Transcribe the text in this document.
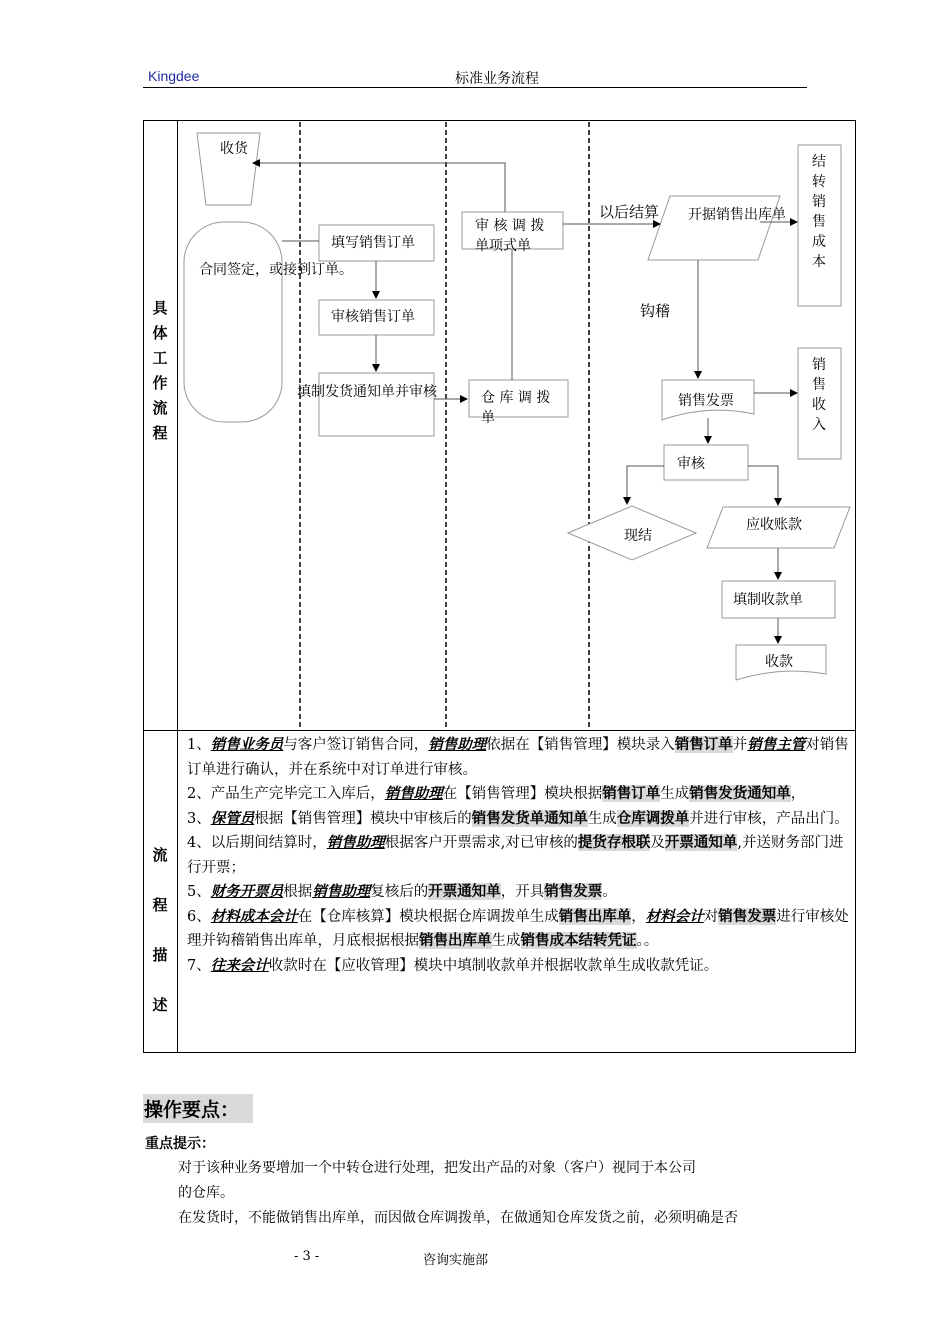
Kingdee	标准业务流程
具
体
工
作
流
程
流
程
描
述
收货
合同签定，或接到订单。
填写销售订单
审核销售订单
填制发货通知单并审核
审 核 调 拨 单项式单
仓 库 调 拨 单
以后结算 开据销售出库单
结转销售成本
钩稽
销售发票
销售收入
审核
现结
应收账款
填制收款单
收款

1、销售业务员与客户签订销售合同，销售助理依据在【销售管理】模块录入销售订单并销售主管对销售订单进行确认，并在系统中对订单进行审核。

2、产品生产完毕完工入库后，销售助理在【销售管理】模块根据销售订单生成销售发货通知单，

3、保管员根据【销售管理】模块中审核后的销售发货单通知单生成仓库调拨单并进行审核，产品出门。

4、以后期间结算时，销售助理根据客户开票需求,对已审核的提货存根联及开票通知单,并送财务部门进行开票；

5、财务开票员根据销售助理复核后的开票通知单，开具销售发票。

6、材料成本会计在【仓库核算】模块根据仓库调拨单生成销售出库单，材料会计对销售发票进行审核处理并钩稽销售出库单，月底根据根据销售出库单生成销售成本结转凭证。。

7、往来会计收款时在【应收管理】模块中填制收款单并根据收款单生成收款凭证。

操作要点：
重点提示：
对于该种业务要增加一个中转仓进行处理，把发出产品的对象（客户）视同于本公司
的仓库。
在发货时，不能做销售出库单，而因做仓库调拨单，在做通知仓库发货之前，必须明确是否
- 3 -	咨询实施部
